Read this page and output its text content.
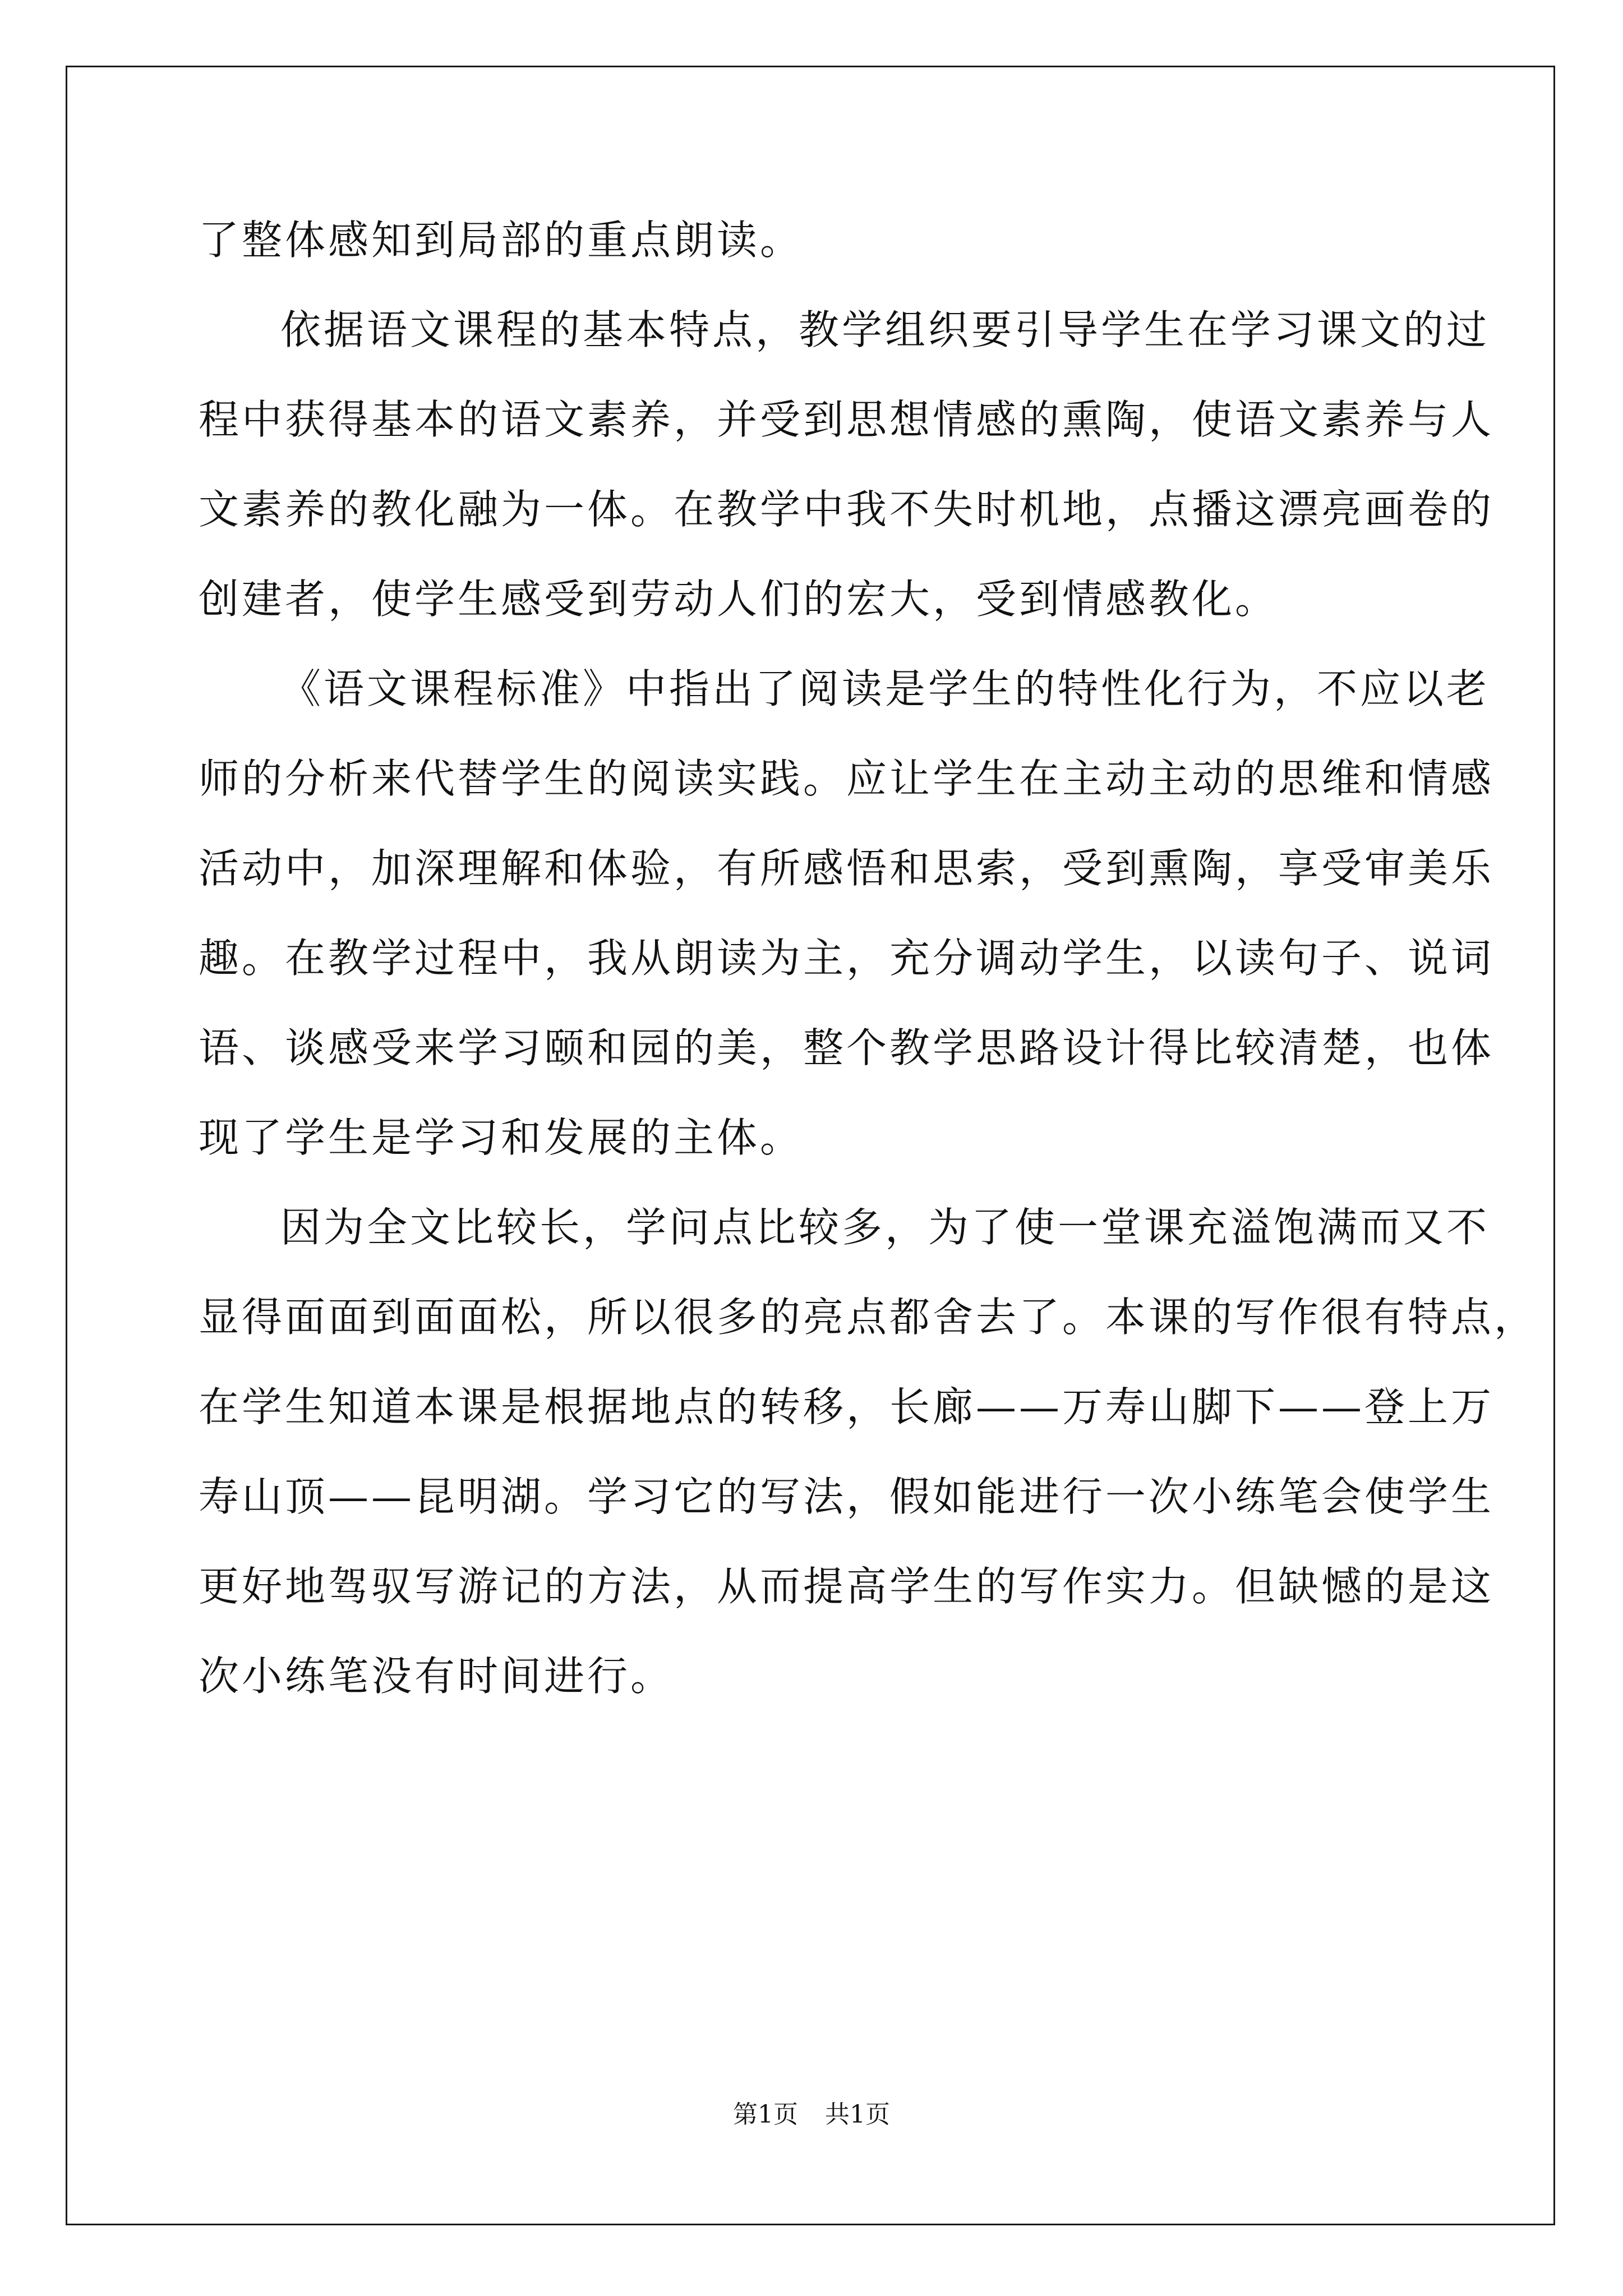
了整体感知到局部的重点朗读。
依据语文课程的基本特点，教学组织要引导学生在学习课文的过
程中获得基本的语文素养，并受到思想情感的熏陶，使语文素养与人
文素养的教化融为一体。在教学中我不失时机地，点播这漂亮画卷的
创建者，使学生感受到劳动人们的宏大，受到情感教化。
《语文课程标准》中指出了阅读是学生的特性化行为，不应以老
师的分析来代替学生的阅读实践。应让学生在主动主动的思维和情感
活动中，加深理解和体验，有所感悟和思索，受到熏陶，享受审美乐
趣。在教学过程中，我从朗读为主，充分调动学生，以读句子、说词
语、谈感受来学习颐和园的美，整个教学思路设计得比较清楚，也体
现了学生是学习和发展的主体。
因为全文比较长，学问点比较多，为了使一堂课充溢饱满而又不
显得面面到面面松，所以很多的亮点都舍去了。本课的写作很有特点，
在学生知道本课是根据地点的转移，长廊——万寿山脚下——登上万
寿山顶——昆明湖。学习它的写法，假如能进行一次小练笔会使学生
更好地驾驭写游记的方法，从而提高学生的写作实力。但缺憾的是这
次小练笔没有时间进行。
第1页 共1页
